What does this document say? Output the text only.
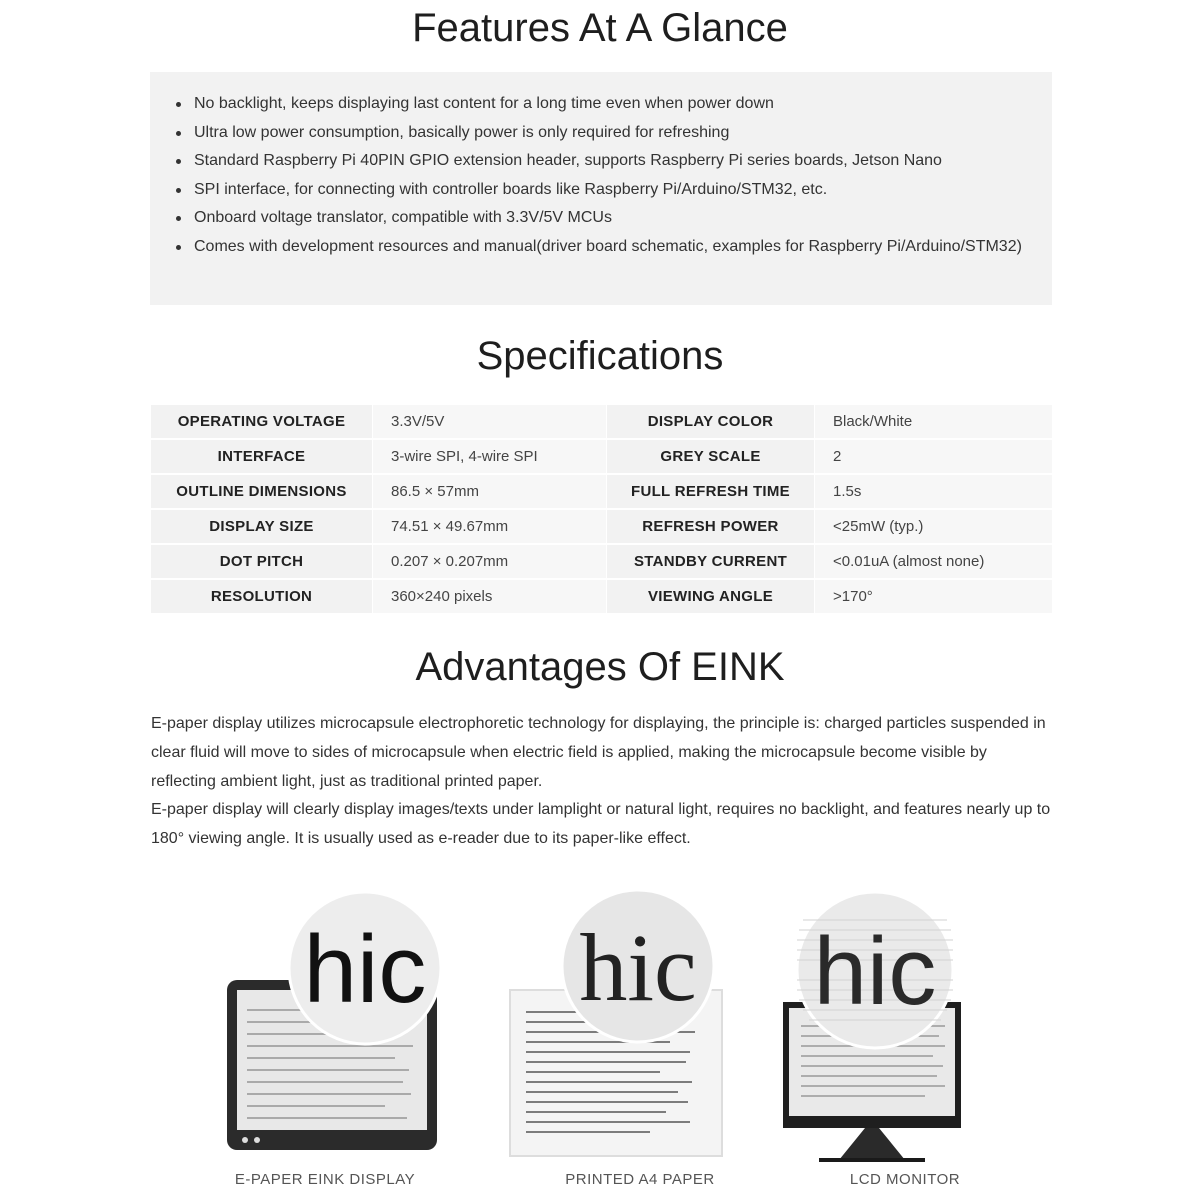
Features At A Glance
No backlight, keeps displaying last content for a long time even when power down
Ultra low power consumption, basically power is only required for refreshing
Standard Raspberry Pi 40PIN GPIO extension header, supports Raspberry Pi series boards, Jetson Nano
SPI interface, for connecting with controller boards like Raspberry Pi/Arduino/STM32, etc.
Onboard voltage translator, compatible with 3.3V/5V MCUs
Comes with development resources and manual(driver board schematic, examples for Raspberry Pi/Arduino/STM32)
Specifications
OPERATING VOLTAGE	3.3V/5V	DISPLAY COLOR	Black/White
INTERFACE	3-wire SPI, 4-wire SPI	GREY SCALE	2
OUTLINE DIMENSIONS	86.5 × 57mm	FULL REFRESH TIME	1.5s
DISPLAY SIZE	74.51 × 49.67mm	REFRESH POWER	<25mW (typ.)
DOT PITCH	0.207 × 0.207mm	STANDBY CURRENT	<0.01uA (almost none)
RESOLUTION	360×240 pixels	VIEWING ANGLE	>170°
Advantages Of EINK

E-paper display utilizes microcapsule electrophoretic technology for displaying, the principle is: charged particles suspended in clear fluid will move to sides of microcapsule when electric field is applied, making the microcapsule become visible by reflecting ambient light, just as traditional printed paper.

E-paper display will clearly display images/texts under lamplight or natural light, requires no backlight, and features nearly up to 180° viewing angle. It is usually used as e-reader due to its paper-like effect.

hic
E-PAPER EINK DISPLAY
hic
PRINTED A4 PAPER
hic
LCD MONITOR
